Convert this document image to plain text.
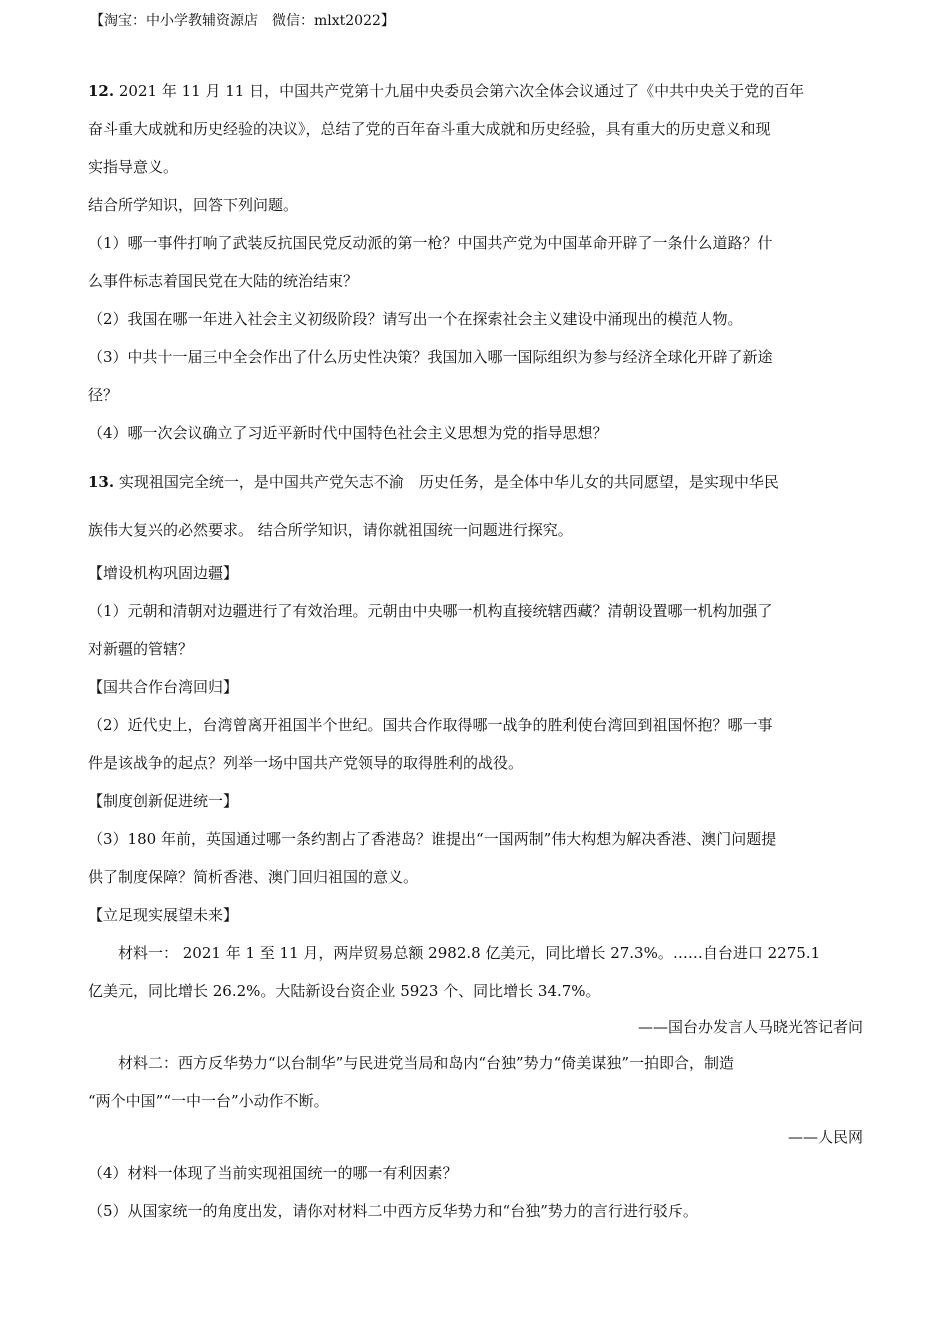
【淘宝：中小学教辅资源店　微信：mlxt2022】

12. 2021 年 11 月 11 日，中国共产党第十九届中央委员会第六次全体会议通过了《中共中央关于党的百年

奋斗重大成就和历史经验的决议》，总结了党的百年奋斗重大成就和历史经验，具有重大的历史意义和现

实指导意义。

结合所学知识，回答下列问题。

（1）哪一事件打响了武装反抗国民党反动派的第一枪？中国共产党为中国革命开辟了一条什么道路？什

么事件标志着国民党在大陆的统治结束？

（2）我国在哪一年进入社会主义初级阶段？请写出一个在探索社会主义建设中涌现出的模范人物。

（3）中共十一届三中全会作出了什么历史性决策？我国加入哪一国际组织为参与经济全球化开辟了新途

径？

（4）哪一次会议确立了习近平新时代中国特色社会主义思想为党的指导思想？

13. 实现祖国完全统一，是中国共产党矢志不渝　历史任务，是全体中华儿女的共同愿望，是实现中华民

族伟大复兴的必然要求。 结合所学知识，请你就祖国统一问题进行探究。

【增设机构巩固边疆】

（1）元朝和清朝对边疆进行了有效治理。元朝由中央哪一机构直接统辖西藏？清朝设置哪一机构加强了

对新疆的管辖？

【国共合作台湾回归】

（2）近代史上，台湾曾离开祖国半个世纪。国共合作取得哪一战争的胜利使台湾回到祖国怀抱？哪一事

件是该战争的起点？列举一场中国共产党领导的取得胜利的战役。

【制度创新促进统一】

（3）180 年前，英国通过哪一条约割占了香港岛？谁提出“一国两制”伟大构想为解决香港、澳门问题提

供了制度保障？简析香港、澳门回归祖国的意义。

【立足现实展望未来】

材料一： 2021 年 1 至 11 月，两岸贸易总额 2982.8 亿美元，同比增长 27.3%。……自台进口 2275.1

亿美元，同比增长 26.2%。大陆新设台资企业 5923 个、同比增长 34.7%。

——国台办发言人马晓光答记者问

材料二：西方反华势力“以台制华”与民进党当局和岛内“台独”势力“倚美谋独”一拍即合，制造

“两个中国”“一中一台”小动作不断。

——人民网

（4）材料一体现了当前实现祖国统一的哪一有利因素？

（5）从国家统一的角度出发，请你对材料二中西方反华势力和“台独”势力的言行进行驳斥。
